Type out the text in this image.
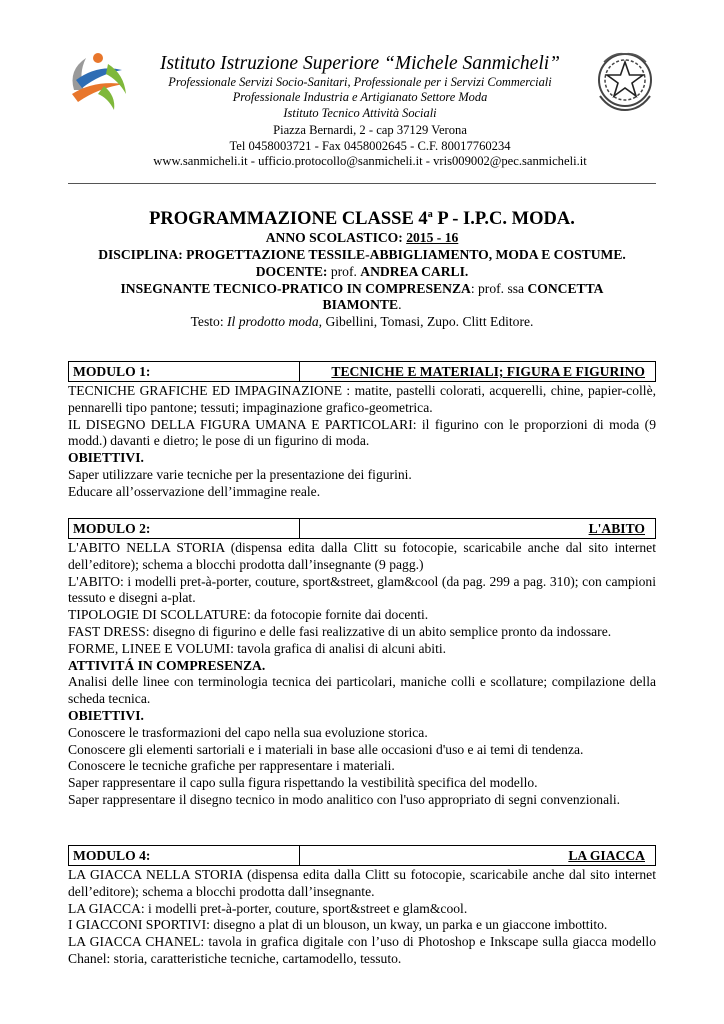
Istituto Istruzione Superiore “Michele Sanmicheli”
Professionale Servizi Socio-Sanitari, Professionale per i Servizi Commerciali
Professionale Industria e Artigianato Settore Moda
Istituto Tecnico Attività Sociali
Piazza Bernardi, 2 - cap 37129 Verona
Tel 0458003721 - Fax 0458002645 - C.F. 80017760234
www.sanmicheli.it - ufficio.protocollo@sanmicheli.it - vris009002@pec.sanmicheli.it
PROGRAMMAZIONE CLASSE 4$^a$ P - I.P.C. MODA.
ANNO SCOLASTICO: 2015 - 16
DISCIPLINA: PROGETTAZIONE TESSILE-ABBIGLIAMENTO, MODA E COSTUME.
DOCENTE: prof. ANDREA CARLI.
INSEGNANTE TECNICO-PRATICO IN COMPRESENZA: prof. ssa CONCETTA
BIAMONTE.
Testo: Il prodotto moda, Gibellini, Tomasi, Zupo. Clitt Editore.
MODULO 1:	TECNICHE E MATERIALI; FIGURA E FIGURINO

TECNICHE GRAFICHE ED IMPAGINAZIONE : matite, pastelli colorati, acquerelli, chine, papier-collè, pennarelli tipo pantone; tessuti; impaginazione grafico-geometrica.

IL DISEGNO DELLA FIGURA UMANA E PARTICOLARI: il figurino con le proporzioni di moda (9 modd.) davanti e dietro; le pose di un figurino di moda.

OBIETTIVI.

Saper utilizzare varie tecniche per la presentazione dei figurini.

Educare all’osservazione dell’immagine reale.

MODULO 2:	L'ABITO

L'ABITO NELLA STORIA (dispensa edita dalla Clitt su fotocopie, scaricabile anche dal sito internet dell’editore); schema a blocchi prodotta dall’insegnante (9 pagg.)

L'ABITO: i modelli pret-à-porter, couture, sport&street, glam&cool (da pag. 299 a pag. 310); con campioni tessuto e disegni a-plat.

TIPOLOGIE DI SCOLLATURE: da fotocopie fornite dai docenti.

FAST DRESS: disegno di figurino e delle fasi realizzative di un abito semplice pronto da indossare.

FORME, LINEE E VOLUMI: tavola grafica di analisi di alcuni abiti.

ATTIVITÁ IN COMPRESENZA.

Analisi delle linee con terminologia tecnica dei particolari, maniche colli e scollature; compilazione della scheda tecnica.

OBIETTIVI.

Conoscere le trasformazioni del capo nella sua evoluzione storica.

Conoscere gli elementi sartoriali e i materiali in base alle occasioni d'uso e ai temi di tendenza.

Conoscere le tecniche grafiche per rappresentare i materiali.

Saper rappresentare il capo sulla figura rispettando la vestibilità specifica del modello.

Saper rappresentare il disegno tecnico in modo analitico con l'uso appropriato di segni convenzionali.

MODULO 4:	LA GIACCA

LA GIACCA NELLA STORIA (dispensa edita dalla Clitt su fotocopie, scaricabile anche dal sito internet dell’editore); schema a blocchi prodotta dall’insegnante.

LA GIACCA: i modelli pret-à-porter, couture, sport&street e glam&cool.

I GIACCONI SPORTIVI: disegno a plat di un blouson, un kway, un parka e un giaccone imbottito.

LA GIACCA CHANEL: tavola in grafica digitale con l’uso di Photoshop e Inkscape sulla giacca modello Chanel: storia, caratteristiche tecniche, cartamodello, tessuto.
